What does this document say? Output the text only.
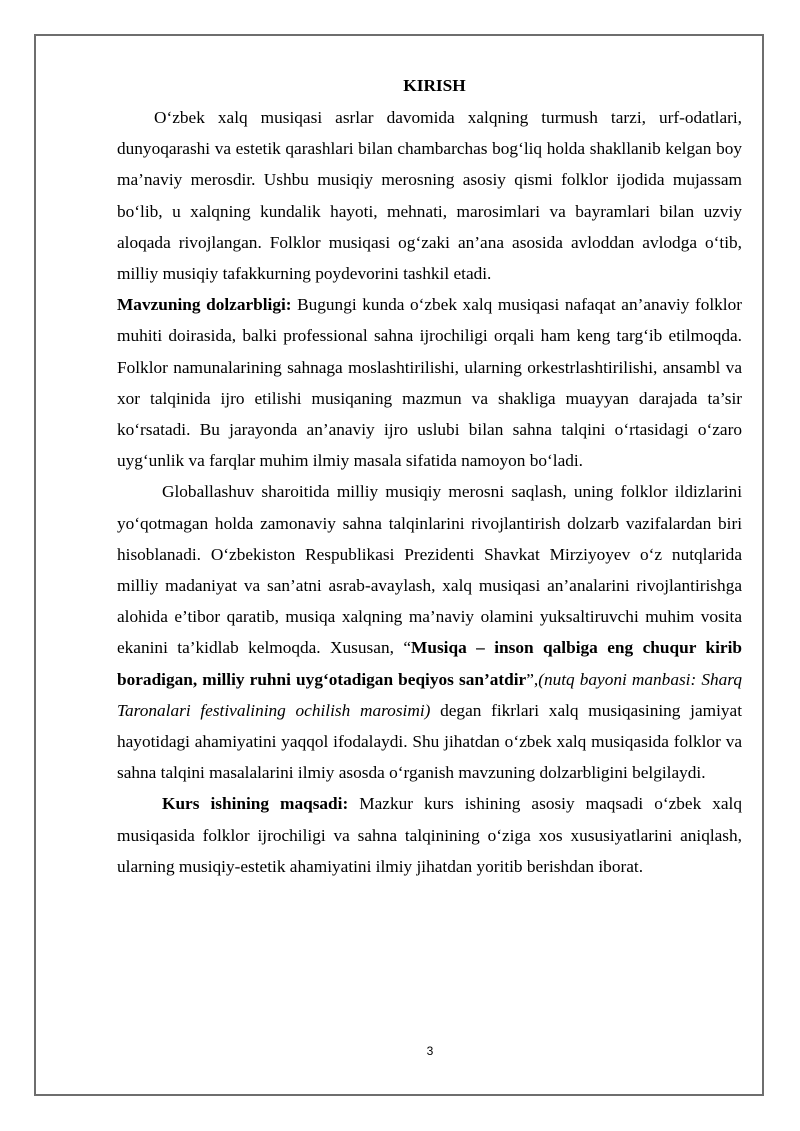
KIRISH

O‘zbek xalq musiqasi asrlar davomida xalqning turmush tarzi, urf-odatlari, dunyoqarashi va estetik qarashlari bilan chambarchas bog‘liq holda shakllanib kelgan boy ma’naviy merosdir. Ushbu musiqiy merosning asosiy qismi folklor ijodida mujassam bo‘lib, u xalqning kundalik hayoti, mehnati, marosimlari va bayramlari bilan uzviy aloqada rivojlangan. Folklor musiqasi og‘zaki an’ana asosida avloddan avlodga o‘tib, milliy musiqiy tafakkurning poydevorini tashkil etadi.

Mavzuning dolzarbligi: Bugungi kunda o‘zbek xalq musiqasi nafaqat an’anaviy folklor muhiti doirasida, balki professional sahna ijrochiligi orqali ham keng targ‘ib etilmoqda. Folklor namunalarining sahnaga moslashtirilishi, ularning orkestrlashtirilishi, ansambl va xor talqinida ijro etilishi musiqaning mazmun va shakliga muayyan darajada ta’sir ko‘rsatadi. Bu jarayonda an’anaviy ijro uslubi bilan sahna talqini o‘rtasidagi o‘zaro uyg‘unlik va farqlar muhim ilmiy masala sifatida namoyon bo‘ladi.

Globallashuv sharoitida milliy musiqiy merosni saqlash, uning folklor ildizlarini yo‘qotmagan holda zamonaviy sahna talqinlarini rivojlantirish dolzarb vazifalardan biri hisoblanadi. O‘zbekiston Respublikasi Prezidenti Shavkat Mirziyoyev o‘z nutqlarida milliy madaniyat va san’atni asrab-avaylash, xalq musiqasi an’analarini rivojlantirishga alohida e’tibor qaratib, musiqa xalqning ma’naviy olamini yuksaltiruvchi muhim vosita ekanini ta’kidlab kelmoqda. Xususan, “Musiqa – inson qalbiga eng chuqur kirib boradigan, milliy ruhni uyg‘otadigan beqiyos san’atdir”,(nutq bayoni manbasi: Sharq Taronalari festivalining ochilish marosimi) degan fikrlari xalq musiqasining jamiyat hayotidagi ahamiyatini yaqqol ifodalaydi. Shu jihatdan o‘zbek xalq musiqasida folklor va sahna talqini masalalarini ilmiy asosda o‘rganish mavzuning dolzarbligini belgilaydi.

Kurs ishining maqsadi: Mazkur kurs ishining asosiy maqsadi o‘zbek xalq musiqasida folklor ijrochiligi va sahna talqinining o‘ziga xos xususiyatlarini aniqlash, ularning musiqiy-estetik ahamiyatini ilmiy jihatdan yoritib berishdan iborat.

3
